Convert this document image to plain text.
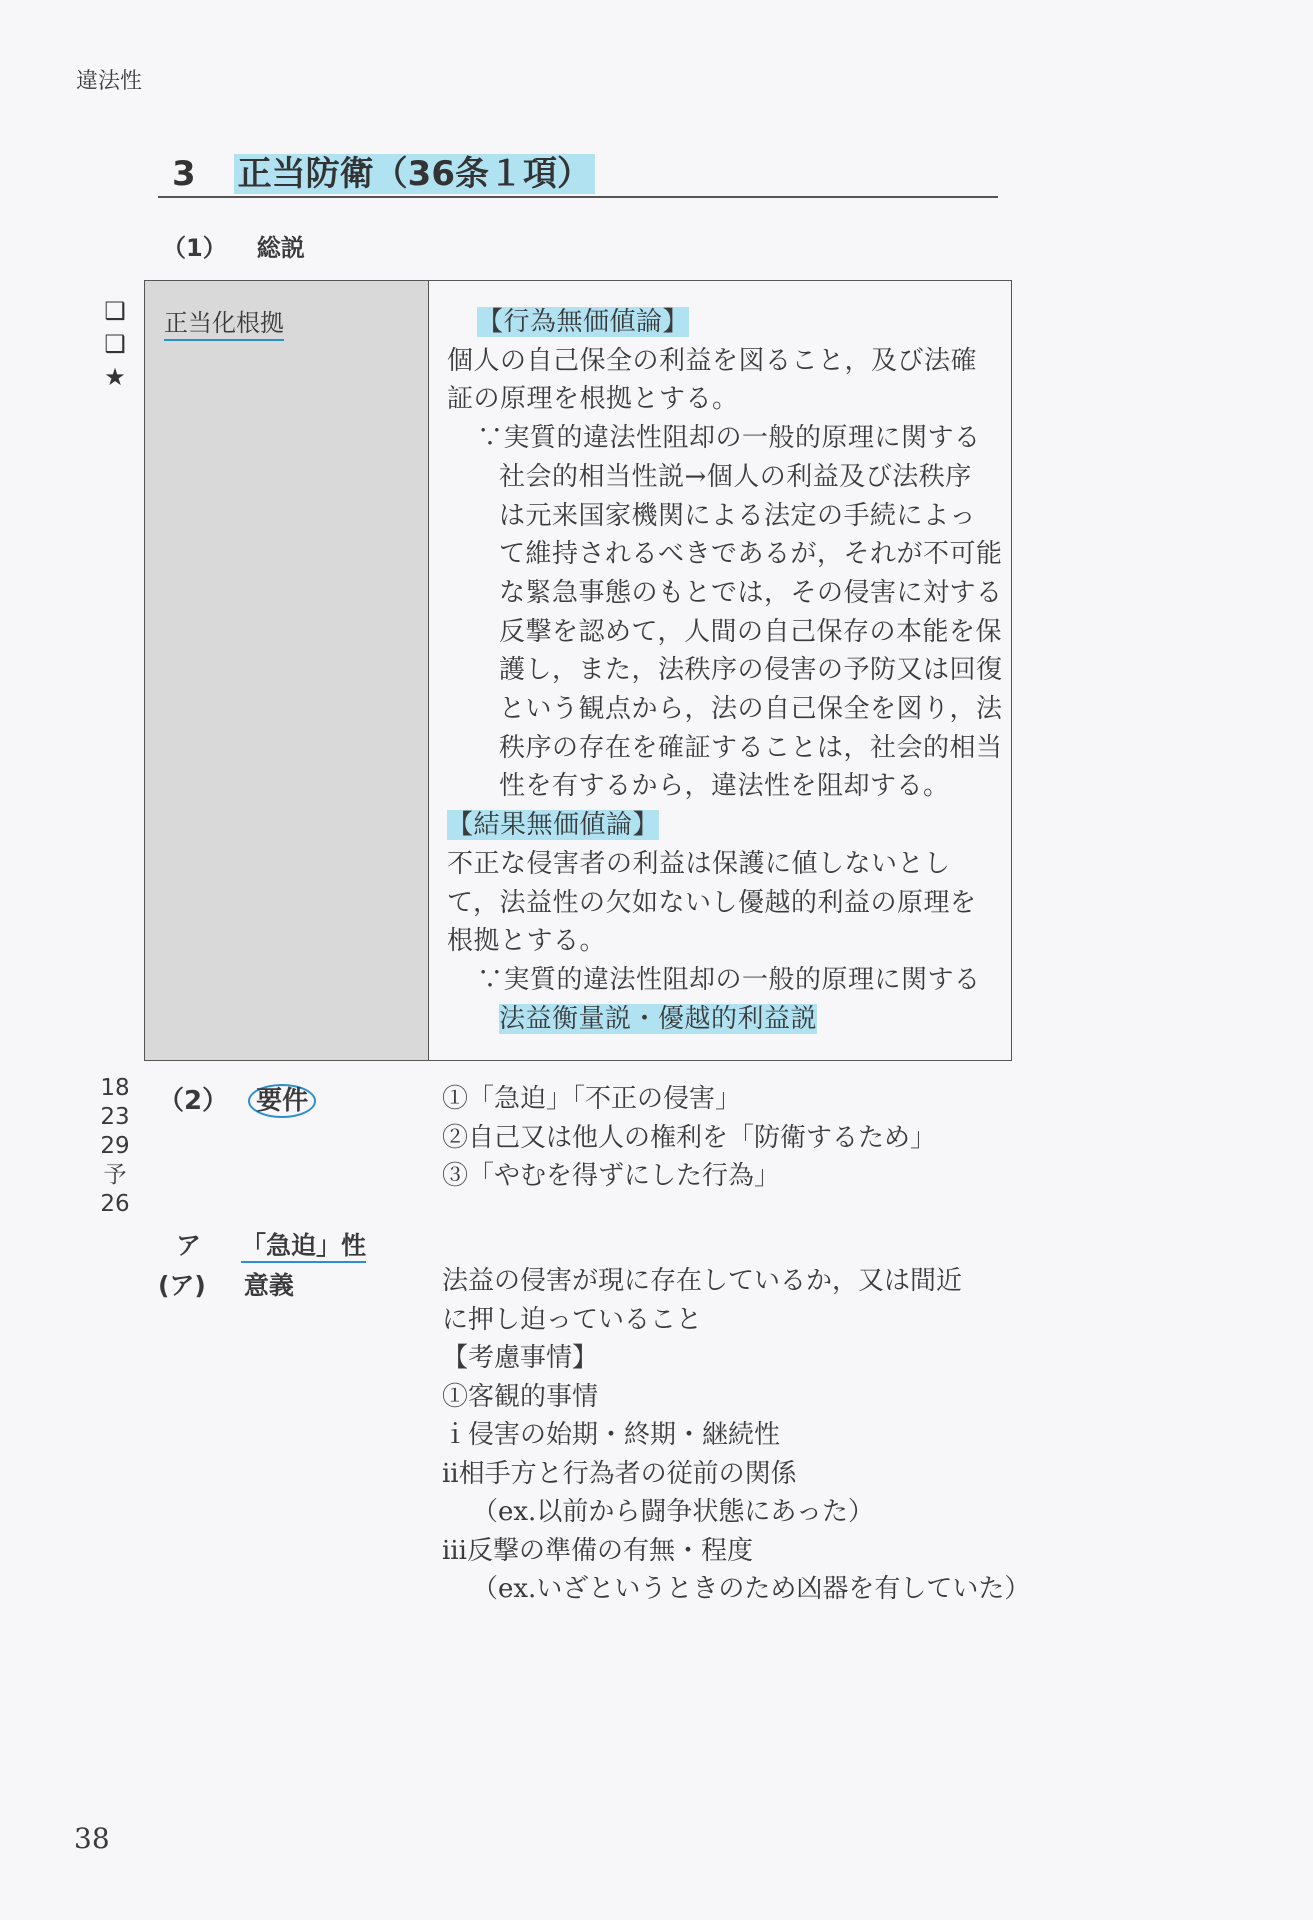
違法性
3 正当防衛（36条１項）
（1） 総説
❑
❑
★
正当化根拠	【行為無価値論】
個人の自己保全の利益を図ること，及び法確
証の原理を根拠とする。
∵実質的違法性阻却の一般的原理に関する
社会的相当性説→個人の利益及び法秩序
は元来国家機関による法定の手続によっ
て維持されるべきであるが，それが不可能
な緊急事態のもとでは，その侵害に対する
反撃を認めて，人間の自己保存の本能を保
護し，また，法秩序の侵害の予防又は回復
という観点から，法の自己保全を図り，法
秩序の存在を確証することは，社会的相当
性を有するから，違法性を阻却する。
【結果無価値論】
不正な侵害者の利益は保護に値しないとし
て，法益性の欠如ないし優越的利益の原理を
根拠とする。
∵実質的違法性阻却の一般的原理に関する
法益衡量説・優越的利益説
18
23
29
予
26
（2） 要件	①「急迫」「不正の侵害」
②自己又は他人の権利を「防衛するため」
③「やむを得ずにした行為」
ア 「急迫」性
(ア) 意義	法益の侵害が現に存在しているか，又は間近
に押し迫っていること
【考慮事情】
①客観的事情
ｉ侵害の始期・終期・継続性
ⅱ相手方と行為者の従前の関係
（ex.以前から闘争状態にあった）
ⅲ反撃の準備の有無・程度
（ex.いざというときのため凶器を有していた）
38
